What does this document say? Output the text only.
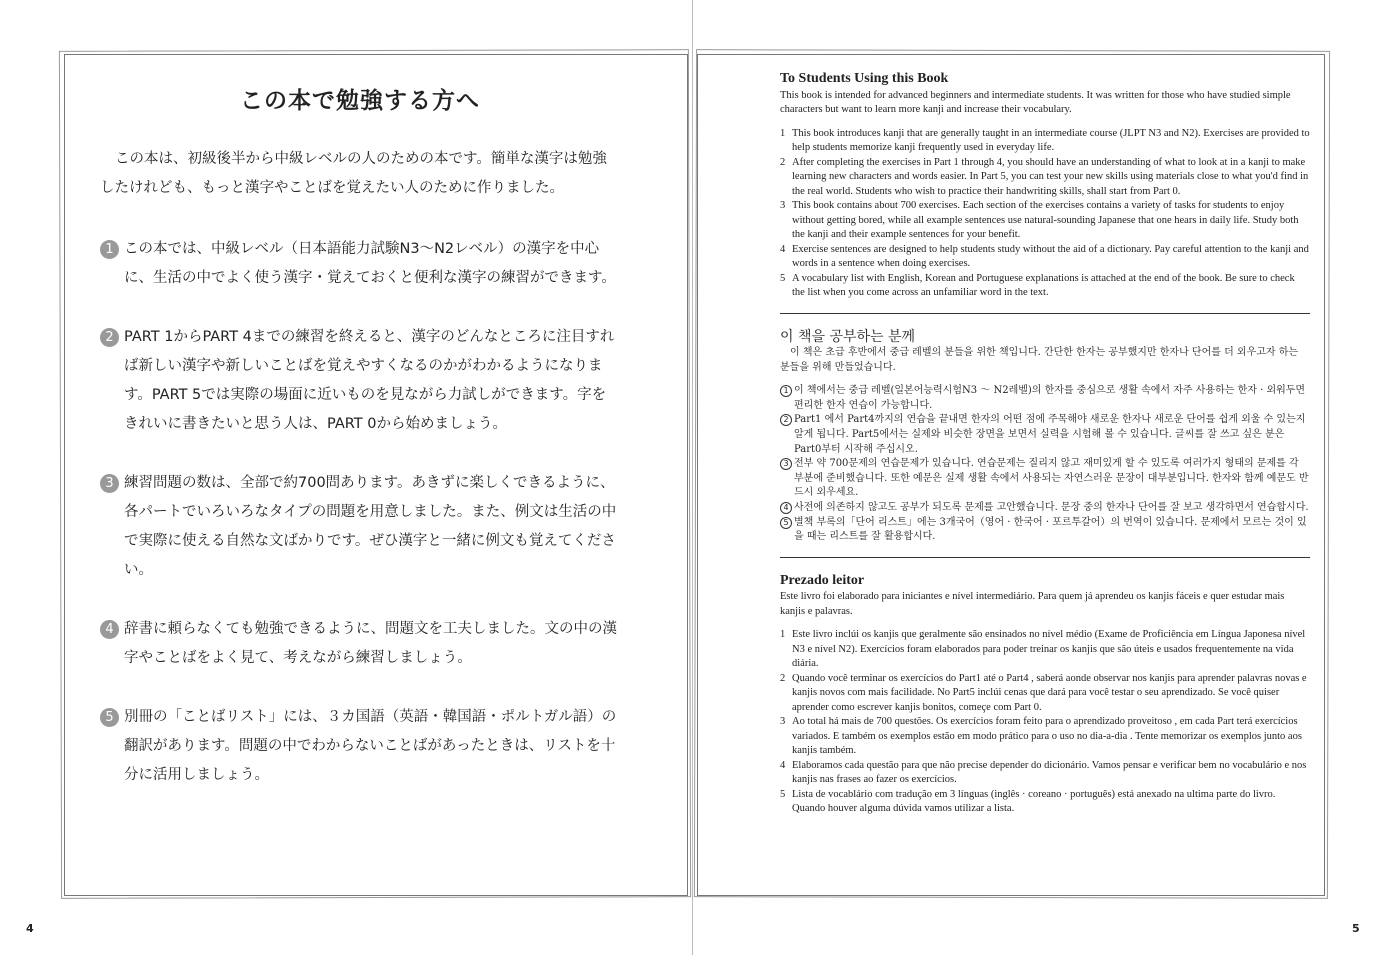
この本で勉強する方へ

この本は、初級後半から中級レベルの人のための本です。簡単な漢字は勉強したけれども、もっと漢字やことばを覚えたい人のために作りました。

1 この本では、中級レベル（日本語能力試験N3～N2レベル）の漢字を中心に、生活の中でよく使う漢字・覚えておくと便利な漢字の練習ができます。
2 PART 1からPART 4までの練習を終えると、漢字のどんなところに注目すれば新しい漢字や新しいことばを覚えやすくなるのかがわかるようになります。PART 5では実際の場面に近いものを見ながら力試しができます。字をきれいに書きたいと思う人は、PART 0から始めましょう。
3 練習問題の数は、全部で約700問あります。あきずに楽しくできるように、各パートでいろいろなタイプの問題を用意しました。また、例文は生活の中で実際に使える自然な文ばかりです。ぜひ漢字と一緒に例文も覚えてください。
4 辞書に頼らなくても勉強できるように、問題文を工夫しました。文の中の漢字やことばをよく見て、考えながら練習しましょう。
5 別冊の「ことばリスト」には、３カ国語（英語・韓国語・ポルトガル語）の翻訳があります。問題の中でわからないことばがあったときは、リストを十分に活用しましょう。
4
To Students Using this Book

This book is intended for advanced beginners and intermediate students. It was written for those who have studied simple characters but want to learn more kanji and increase their vocabulary.

1 This book introduces kanji that are generally taught in an intermediate course (JLPT N3 and N2). Exercises are provided to help students memorize kanji frequently used in everyday life.
2 After completing the exercises in Part 1 through 4, you should have an understanding of what to look at in a kanji to make learning new characters and words easier. In Part 5, you can test your new skills using materials close to what you'd find in the real world. Students who wish to practice their handwriting skills, shall start from Part 0.
3 This book contains about 700 exercises. Each section of the exercises contains a variety of tasks for students to enjoy without getting bored, while all example sentences use natural-sounding Japanese that one hears in daily life. Study both the kanji and their example sentences for your benefit.
4 Exercise sentences are designed to help students study without the aid of a dictionary. Pay careful attention to the kanji and words in a sentence when doing exercises.
5 A vocabulary list with English, Korean and Portuguese explanations is attached at the end of the book. Be sure to check the list when you come across an unfamiliar word in the text.
이 책을 공부하는 분께

이 책은 초급 후반에서 중급 레벨의 분들을 위한 책입니다. 간단한 한자는 공부했지만 한자나 단어를 더 외우고자 하는 분들을 위해 만들었습니다.

1 이 책에서는 중급 레벨(일본어능력시험N3 ～ N2레벨)의 한자를 중심으로 생활 속에서 자주 사용하는 한자 · 외워두면 편리한 한자 연습이 가능합니다.
2 Part1 에서 Part4까지의 연습을 끝내면 한자의 어떤 점에 주목해야 새로운 한자나 새로운 단어를 쉽게 외울 수 있는지 알게 됩니다. Part5에서는 실제와 비슷한 장면을 보면서 실력을 시험해 볼 수 있습니다. 글씨를 잘 쓰고 싶은 분은 Part0부터 시작해 주십시오.
3 전부 약 700문제의 연습문제가 있습니다. 연습문제는 질리지 않고 재미있게 할 수 있도록 여러가지 형태의 문제를 각 부분에 준비했습니다. 또한 예문은 실제 생활 속에서 사용되는 자연스러운 문장이 대부분입니다. 한자와 함께 예문도 반드시 외우세요.
4 사전에 의존하지 않고도 공부가 되도록 문제를 고안했습니다. 문장 중의 한자나 단어를 잘 보고 생각하면서 연습합시다.
5 별책 부록의「단어 리스트」에는 3개국어（영어 · 한국어 · 포르투갈어）의 번역이 있습니다. 문제에서 모르는 것이 있을 때는 리스트를 잘 활용합시다.
Prezado leitor

Este livro foi elaborado para iniciantes e nível intermediário. Para quem já aprendeu os kanjis fáceis e quer estudar mais kanjis e palavras.

1 Este livro inclúi os kanjis que geralmente são ensinados no nível médio (Exame de Proficiência em Língua Japonesa nível N3 e nível N2). Exercícios foram elaborados para poder treinar os kanjis que são úteis e usados frequentemente na vida diária.
2 Quando você terminar os exercícios do Part1 até o Part4 , saberá aonde observar nos kanjis para aprender palavras novas e kanjis novos com mais facilidade. No Part5 inclúi cenas que dará para você testar o seu aprendizado. Se você quiser aprender como escrever kanjis bonitos, começe com Part 0.
3 Ao total há mais de 700 questões. Os exercícios foram feito para o aprendizado proveitoso , em cada Part terá exercícios variados. E também os exemplos estão em modo prático para o uso no dia-a-dia . Tente memorizar os exemplos junto aos kanjis também.
4 Elaboramos cada questão para que não precise depender do dicionário. Vamos pensar e verificar bem no vocabulário e nos kanjis nas frases ao fazer os exercícios.
5 Lista de vocablário com tradução em 3 línguas (inglês · coreano · português) está anexado na ultima parte do livro. Quando houver alguma dúvida vamos utilizar a lista.
5
